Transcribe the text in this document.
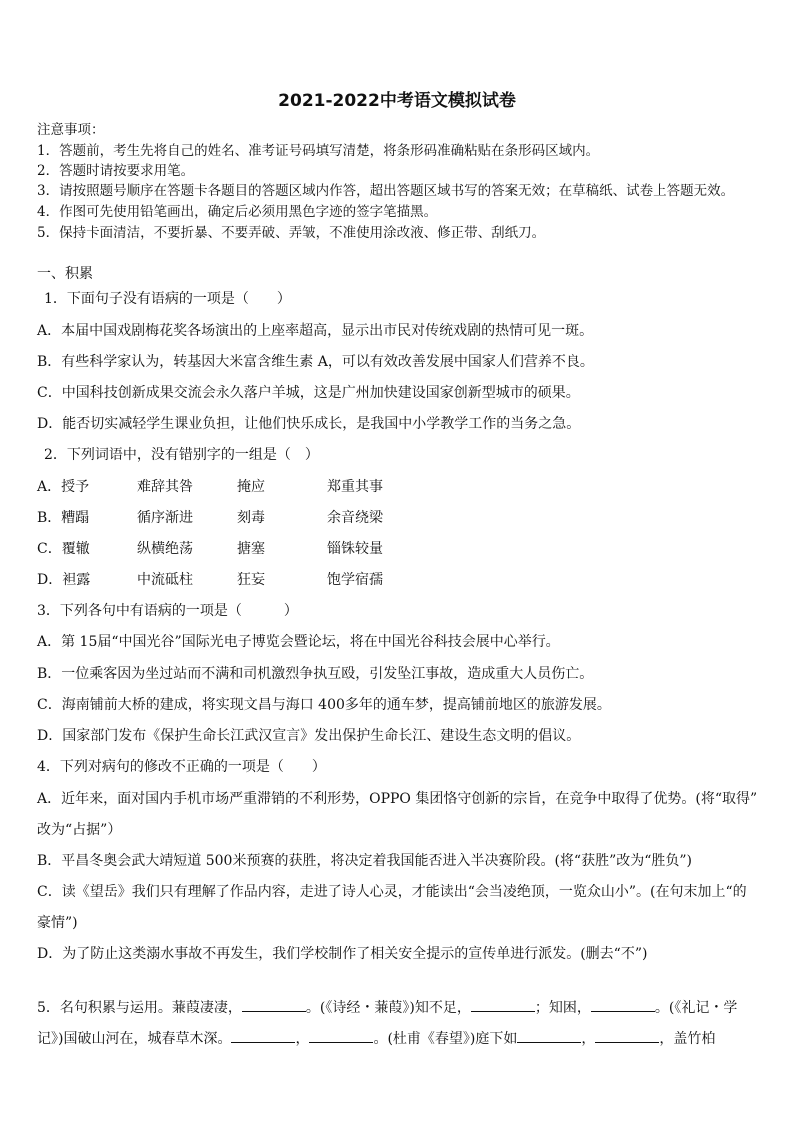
2021-2022中考语文模拟试卷
注意事项：
1．答题前，考生先将自己的姓名、准考证号码填写清楚，将条形码准确粘贴在条形码区域内。
2．答题时请按要求用笔。
3．请按照题号顺序在答题卡各题目的答题区域内作答，超出答题区域书写的答案无效；在草稿纸、试卷上答题无效。
4．作图可先使用铅笔画出，确定后必须用黑色字迹的签字笔描黑。
5．保持卡面清洁，不要折暴、不要弄破、弄皱，不准使用涂改液、修正带、刮纸刀。
一、积累
1．下面句子没有语病的一项是（　　）
A．本届中国戏剧梅花奖各场演出的上座率超高，显示出市民对传统戏剧的热情可见一斑。
B．有些科学家认为，转基因大米富含维生素 A，可以有效改善发展中国家人们营养不良。
C．中国科技创新成果交流会永久落户羊城，这是广州加快建设国家创新型城市的硕果。
D．能否切实减轻学生课业负担，让他们快乐成长，是我国中小学教学工作的当务之急。
2．下列词语中，没有错别字的一组是（　）
A．授予	难辞其咎	掩应	郑重其事
B．糟蹋	循序渐进	刻毒	余音绕梁
C．覆辙	纵横绝荡	搪塞	锱铢较量
D．袒露	中流砥柱	狂妄	饱学宿孺
3．下列各句中有语病的一项是（　　　）
A．第 15届“中国光谷”国际光电子博览会暨论坛，将在中国光谷科技会展中心举行。
B．一位乘客因为坐过站而不满和司机激烈争执互殴，引发坠江事故，造成重大人员伤亡。
C．海南铺前大桥的建成，将实现文昌与海口 400多年的通车梦，提高铺前地区的旅游发展。
D．国家部门发布《保护生命长江武汉宣言》发出保护生命长江、建设生态文明的倡议。
4．下列对病句的修改不正确的一项是（　　）
A．近年来，面对国内手机市场严重滞销的不利形势，OPPO 集团恪守创新的宗旨，在竞争中取得了优势。(将“取得”
改为“占据”）
B．平昌冬奥会武大靖短道 500米预赛的获胜，将决定着我国能否进入半决赛阶段。(将“获胜”改为“胜负”)
C．读《望岳》我们只有理解了作品内容，走进了诗人心灵，才能读出“会当凌绝顶，一览众山小”。(在句末加上“的
豪情”)
D．为了防止这类溺水事故不再发生，我们学校制作了相关安全提示的宣传单进行派发。(删去“不”)
5．名句积累与运用。蒹葭凄凄，	。(《诗经・蒹葭》)知不足，	；知困，	。(《礼记・学
记》)国破山河在，城春草木深。	，	。(杜甫《春望》)庭下如	，	，盖竹柏
